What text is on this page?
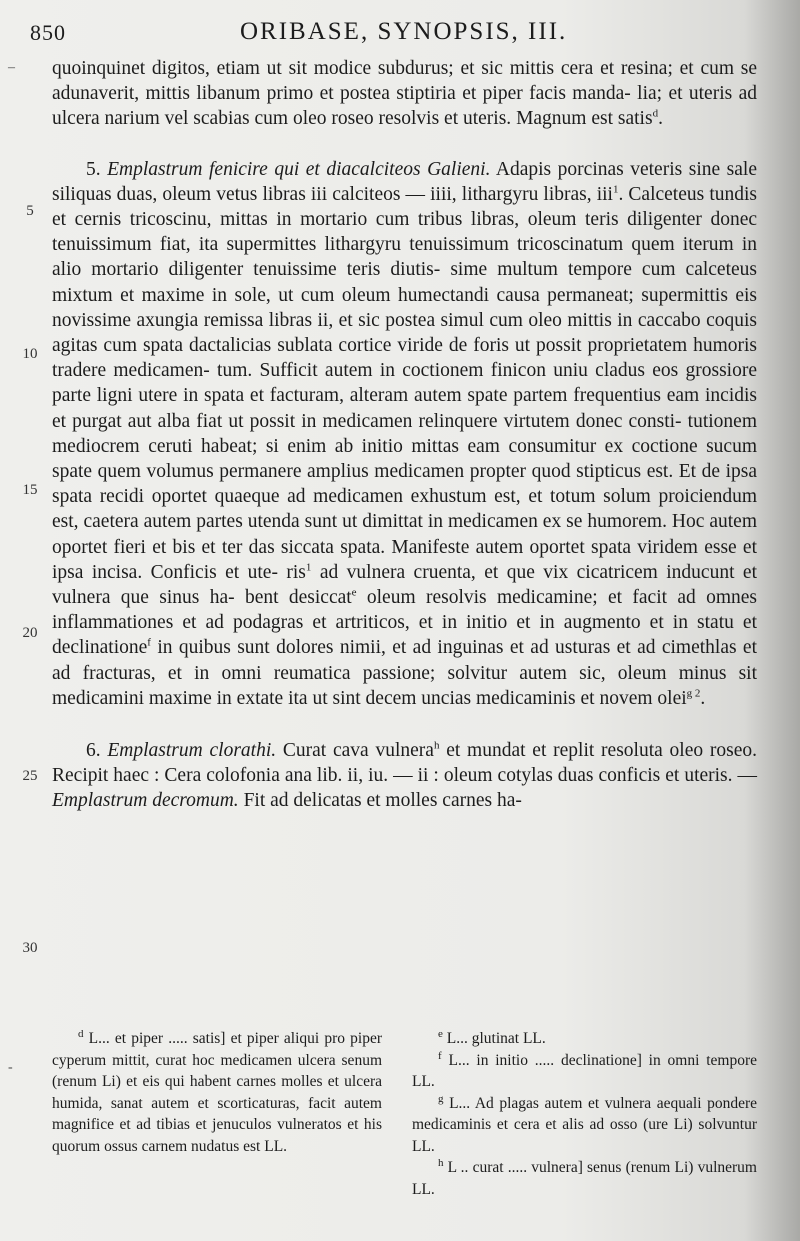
850	ORIBASE, SYNOPSIS, III.
–
-
5
10
15
20
25
30

quoinquinet digitos, etiam ut sit modice subdurus; et sic mittis cera et resina; et cum se adunaverit, mittis libanum primo et postea stiptiria et piper facis manda- lia; et uteris ad ulcera narium vel scabias cum oleo roseo resolvis et uteris. Magnum est satis$^d$.

5. Emplastrum fenicire qui et diacalciteos Galieni. Adapis porcinas veteris sine sale siliquas duas, oleum vetus libras iii calciteos — iiii, lithargyru libras, iii$^1$. Calceteus tundis et cernis tricoscinu, mittas in mortario cum tribus libras, oleum teris diligenter donec tenuissimum fiat, ita supermittes lithargyru tenuissimum tricoscinatum quem iterum in alio mortario diligenter tenuissime teris diutis- sime multum tempore cum calceteus mixtum et maxime in sole, ut cum oleum humectandi causa permaneat; supermittis eis novissime axungia remissa libras ii, et sic postea simul cum oleo mittis in caccabo coquis agitas cum spata dactalicias sublata cortice viride de foris ut possit proprietatem humoris tradere medicamen- tum. Sufficit autem in coctionem finicon uniu cladus eos grossiore parte ligni utere in spata et facturam, alteram autem spate partem frequentius eam incidis et purgat aut alba fiat ut possit in medicamen relinquere virtutem donec consti- tutionem mediocrem ceruti habeat; si enim ab initio mittas eam consumitur ex coctione sucum spate quem volumus permanere amplius medicamen propter quod stipticus est. Et de ipsa spata recidi oportet quaeque ad medicamen exhustum est, et totum solum proiciendum est, caetera autem partes utenda sunt ut dimittat in medicamen ex se humorem. Hoc autem oportet fieri et bis et ter das siccata spata. Manifeste autem oportet spata viridem esse et ipsa incisa. Conficis et ute- ris$^1$ ad vulnera cruenta, et que vix cicatricem inducunt et vulnera que sinus ha- bent desiccat$^e$ oleum resolvis medicamine; et facit ad omnes inflammationes et ad podagras et artriticos, et in initio et in augmento et in statu et declinatione$^f$ in quibus sunt dolores nimii, et ad inguinas et ad usturas et ad cimethlas et ad fracturas, et in omni reumatica passione; solvitur autem sic, oleum minus sit medicamini maxime in extate ita ut sint decem uncias medicaminis et novem olei$^{g 2}$.

6. Emplastrum clorathi. Curat cava vulnera$^h$ et mundat et replit resoluta oleo roseo. Recipit haec : Cera colofonia ana lib. ii, iu. — ii : oleum cotylas duas conficis et uteris. — Emplastrum decromum. Fit ad delicatas et molles carnes ha-

$^d$ L... et piper ..... satis] et piper aliqui pro piper cyperum mittit, curat hoc medicamen ulcera senum (renum Li) et eis qui habent carnes molles et ulcera humida, sanat autem et scorticaturas, facit autem magnifice et ad tibias et jenuculos vulneratos et his quorum ossus carnem nudatus est LL.

$^e$ L... glutinat LL.

$^f$ L... in initio ..... declinatione] in omni tempore LL.

$^g$ L... Ad plagas autem et vulnera aequali pondere medicaminis et cera et alis ad osso (ure Li) solvuntur LL.

$^h$ L .. curat ..... vulnera] senus (renum Li) vulnerum LL.
